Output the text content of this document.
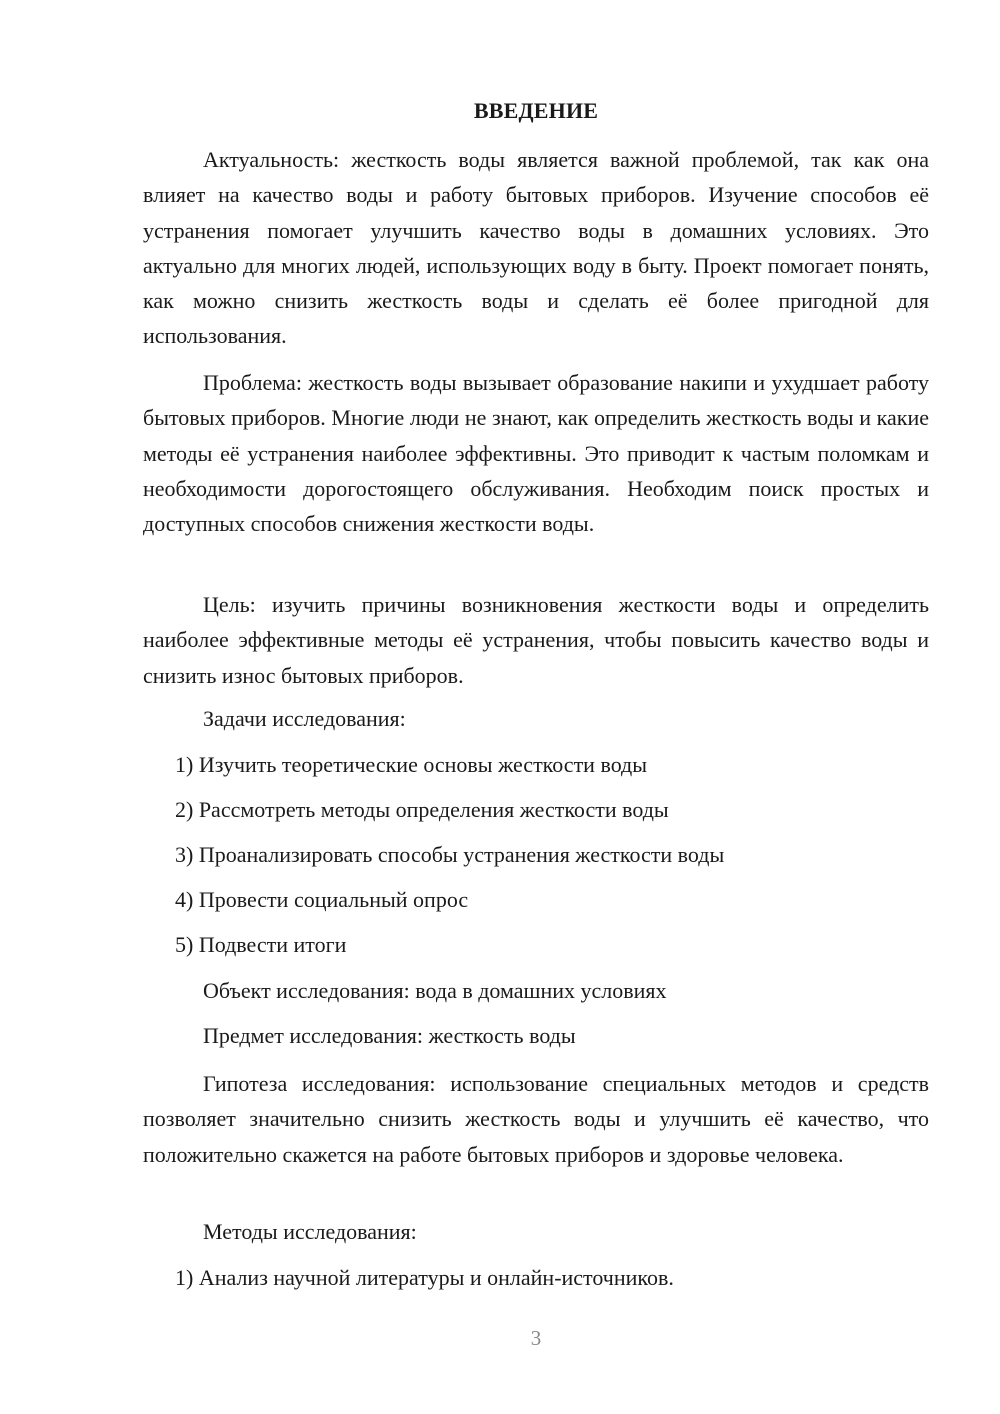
ВВЕДЕНИЕ

Актуальность: жесткость воды является важной проблемой, так как она влияет на качество воды и работу бытовых приборов. Изучение способов её устранения помогает улучшить качество воды в домашних условиях. Это актуально для многих людей, использующих воду в быту. Проект помогает понять, как можно снизить жесткость воды и сделать её более пригодной для использования.

Проблема: жесткость воды вызывает образование накипи и ухудшает работу бытовых приборов. Многие люди не знают, как определить жесткость воды и какие методы её устранения наиболее эффективны. Это приводит к частым поломкам и необходимости дорогостоящего обслуживания. Необходим поиск простых и доступных способов снижения жесткости воды.

Цель: изучить причины возникновения жесткости воды и определить наиболее эффективные методы её устранения, чтобы повысить качество воды и снизить износ бытовых приборов.

Задачи исследования:
1) Изучить теоретические основы жесткости воды
2) Рассмотреть методы определения жесткости воды
3) Проанализировать способы устранения жесткости воды
4) Провести социальный опрос
5) Подвести итоги
Объект исследования: вода в домашних условиях
Предмет исследования: жесткость воды

Гипотеза исследования: использование специальных методов и средств позволяет значительно снизить жесткость воды и улучшить её качество, что положительно скажется на работе бытовых приборов и здоровье человека.

Методы исследования:
1) Анализ научной литературы и онлайн-источников.
3
